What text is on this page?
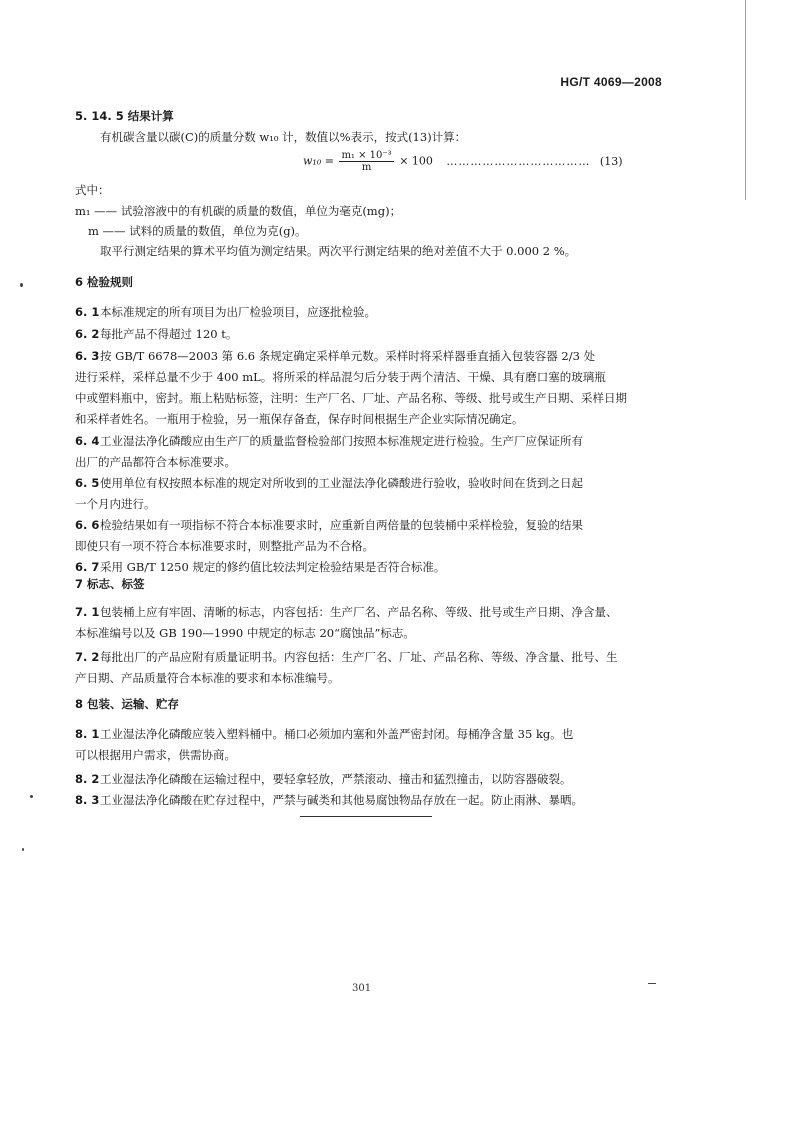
HG/T 4069—2008
5. 14. 5 结果计算
有机碳含量以碳(C)的质量分数 w₁₀ 计，数值以%表示，按式(13)计算：
$w_{10} = \frac{\text{m₁ × 10⁻³}}{m} \times 100$ ……………………………… (13)
式中：
m₁ —— 试验溶液中的有机碳的质量的数值，单位为毫克(mg)；
m —— 试料的质量的数值，单位为克(g)。
取平行测定结果的算术平均值为测定结果。两次平行测定结果的绝对差值不大于 0.000 2 %。
6 检验规则
6. 1 本标准规定的所有项目为出厂检验项目，应逐批检验。
6. 2 每批产品不得超过 120 t。
6. 3 按 GB/T 6678—2003 第 6.6 条规定确定采样单元数。采样时将采样器垂直插入包装容器 2/3 处
进行采样，采样总量不少于 400 mL。将所采的样品混匀后分装于两个清洁、干燥、具有磨口塞的玻璃瓶
中或塑料瓶中，密封。瓶上粘贴标签，注明：生产厂名、厂址、产品名称、等级、批号或生产日期、采样日期
和采样者姓名。一瓶用于检验，另一瓶保存备查，保存时间根据生产企业实际情况确定。
6. 4 工业湿法净化磷酸应由生产厂的质量监督检验部门按照本标准规定进行检验。生产厂应保证所有
出厂的产品都符合本标准要求。
6. 5 使用单位有权按照本标准的规定对所收到的工业湿法净化磷酸进行验收，验收时间在货到之日起
一个月内进行。
6. 6 检验结果如有一项指标不符合本标准要求时，应重新自两倍量的包装桶中采样检验，复验的结果
即使只有一项不符合本标准要求时，则整批产品为不合格。
6. 7 采用 GB/T 1250 规定的修约值比较法判定检验结果是否符合标准。
7 标志、标签
7. 1 包装桶上应有牢固、清晰的标志，内容包括：生产厂名、产品名称、等级、批号或生产日期、净含量、
本标准编号以及 GB 190—1990 中规定的标志 20“腐蚀品”标志。
7. 2 每批出厂的产品应附有质量证明书。内容包括：生产厂名、厂址、产品名称、等级、净含量、批号、生
产日期、产品质量符合本标准的要求和本标准编号。
8 包装、运输、贮存
8. 1 工业湿法净化磷酸应装入塑料桶中。桶口必须加内塞和外盖严密封闭。每桶净含量 35 kg。也
可以根据用户需求，供需协商。
8. 2 工业湿法净化磷酸在运输过程中，要轻拿轻放，严禁滚动、撞击和猛烈撞击，以防容器破裂。
8. 3 工业湿法净化磷酸在贮存过程中，严禁与碱类和其他易腐蚀物品存放在一起。防止雨淋、暴晒。
301
